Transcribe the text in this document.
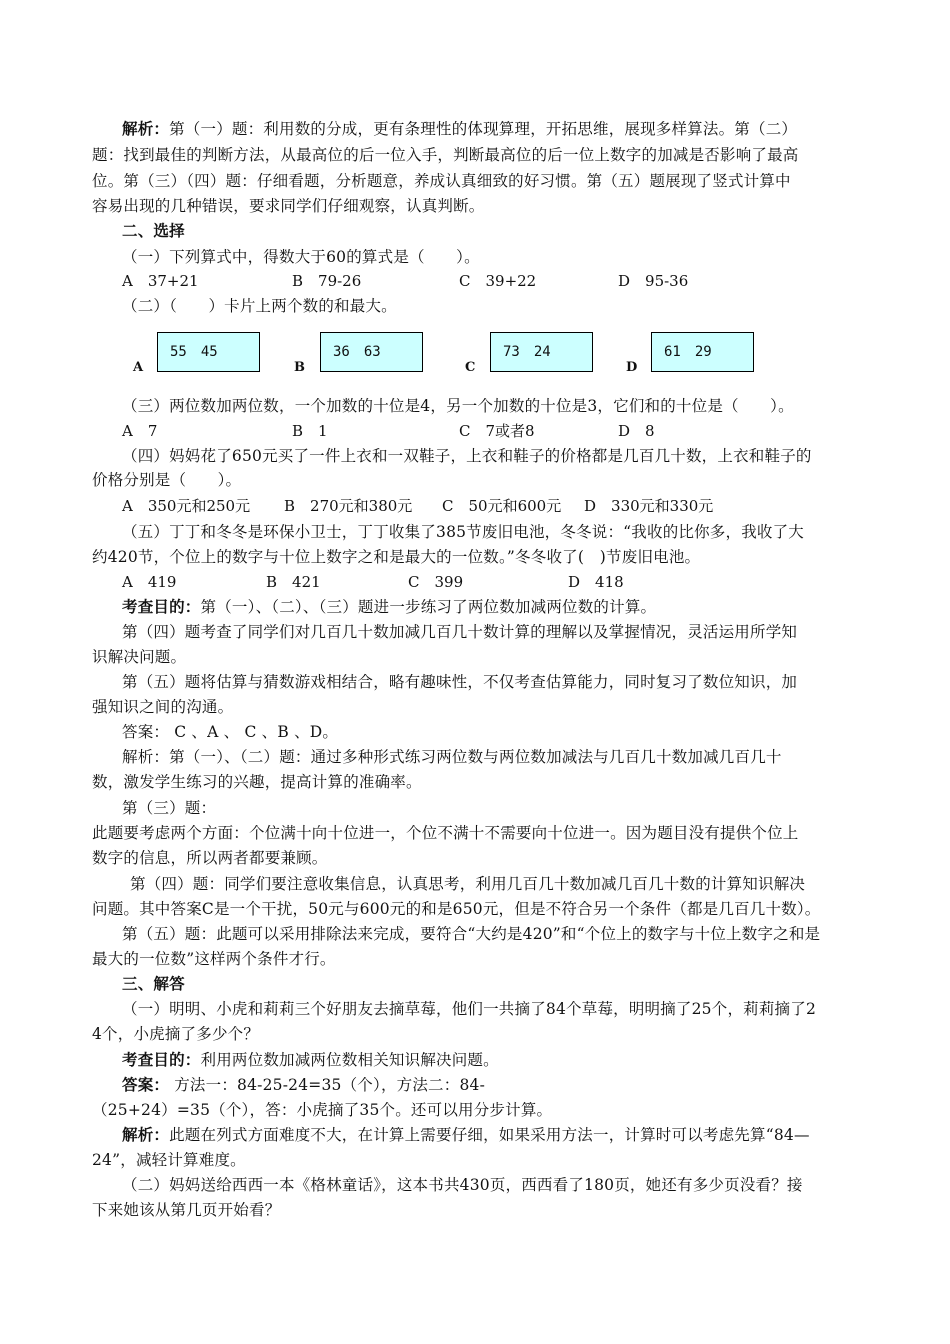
解析：第（一）题：利用数的分成，更有条理性的体现算理，开拓思维，展现多样算法。第（二）
题：找到最佳的判断方法，从最高位的后一位入手，判断最高位的后一位上数字的加减是否影响了最高
位。第（三）（四）题：仔细看题，分析题意，养成认真细致的好习惯。第（五）题展现了竖式计算中
容易出现的几种错误，要求同学们仔细观察，认真判断。
二、选择
（一）下列算式中，得数大于60的算式是（　　）。
A　37+21	B　79-26	C　39+22	D　95-36
（二）（　　）卡片上两个数的和最大。
A
55 45
B
36 63
C
73 24
D
61 29
（三）两位数加两位数，一个加数的十位是4，另一个加数的十位是3，它们和的十位是（　　）。
A　7	B　1	C　7或者8	D　8
（四）妈妈花了650元买了一件上衣和一双鞋子，上衣和鞋子的价格都是几百几十数，上衣和鞋子的
价格分别是（　　）。
A　350元和250元 B　270元和380元 C　50元和600元 D　330元和330元
（五）丁丁和冬冬是环保小卫士，丁丁收集了385节废旧电池，冬冬说：“我收的比你多，我收了大
约420节，个位上的数字与十位上数字之和是最大的一位数。”冬冬收了(　)节废旧电池。
A　419	B　421	C　399	D　418
考查目的：第（一）、（二）、（三）题进一步练习了两位数加减两位数的计算。
第（四）题考查了同学们对几百几十数加减几百几十数计算的理解以及掌握情况，灵活运用所学知
识解决问题。
第（五）题将估算与猜数游戏相结合，略有趣味性，不仅考查估算能力，同时复习了数位知识，加
强知识之间的沟通。
答案： C 、A 、 C 、B 、D。
解析：第（一）、（二）题：通过多种形式练习两位数与两位数加减法与几百几十数加减几百几十
数，激发学生练习的兴趣，提高计算的准确率。
第（三）题：
此题要考虑两个方面：个位满十向十位进一，个位不满十不需要向十位进一。因为题目没有提供个位上
数字的信息，所以两者都要兼顾。
第（四）题：同学们要注意收集信息，认真思考，利用几百几十数加减几百几十数的计算知识解决
问题。其中答案C是一个干扰，50元与600元的和是650元，但是不符合另一个条件（都是几百几十数）。
第（五）题：此题可以采用排除法来完成，要符合“大约是420”和“个位上的数字与十位上数字之和是
最大的一位数”这样两个条件才行。
三、解答
（一）明明、小虎和莉莉三个好朋友去摘草莓，他们一共摘了84个草莓，明明摘了25个，莉莉摘了2
4个，小虎摘了多少个？
考查目的：利用两位数加减两位数相关知识解决问题。
答案： 方法一：84-25-24=35（个），方法二：84-
（25+24）=35（个），答：小虎摘了35个。还可以用分步计算。
解析：此题在列式方面难度不大，在计算上需要仔细，如果采用方法一，计算时可以考虑先算“84—
24”，减轻计算难度。
（二）妈妈送给西西一本《格林童话》，这本书共430页，西西看了180页，她还有多少页没看？接
下来她该从第几页开始看？
